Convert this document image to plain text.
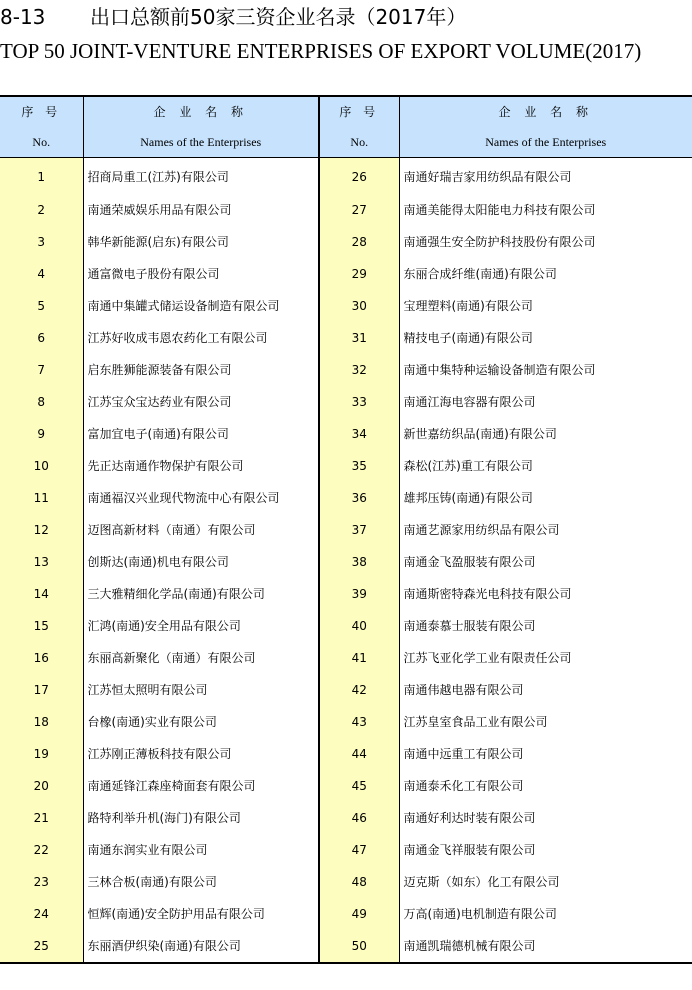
8-13 出口总额前50家三资企业名录（2017年）
TOP 50 JOINT-VENTURE ENTERPRISES OF EXPORT VOLUME(2017)
序 号	企 业 名 称	序 号	企 业 名 称
No.	Names of the Enterprises	No.	Names of the Enterprises
1	招商局重工(江苏)有限公司	26	南通好瑞吉家用纺织品有限公司
2	南通荣威娱乐用品有限公司	27	南通美能得太阳能电力科技有限公司
3	韩华新能源(启东)有限公司	28	南通强生安全防护科技股份有限公司
4	通富微电子股份有限公司	29	东丽合成纤维(南通)有限公司
5	南通中集罐式储运设备制造有限公司	30	宝理塑料(南通)有限公司
6	江苏好收成韦恩农药化工有限公司	31	精技电子(南通)有限公司
7	启东胜狮能源装备有限公司	32	南通中集特种运输设备制造有限公司
8	江苏宝众宝达药业有限公司	33	南通江海电容器有限公司
9	富加宜电子(南通)有限公司	34	新世嘉纺织品(南通)有限公司
10	先正达南通作物保护有限公司	35	森松(江苏)重工有限公司
11	南通福汉兴业现代物流中心有限公司	36	雄邦压铸(南通)有限公司
12	迈图高新材料（南通）有限公司	37	南通艺源家用纺织品有限公司
13	创斯达(南通)机电有限公司	38	南通金飞盈服装有限公司
14	三大雅精细化学品(南通)有限公司	39	南通斯密特森光电科技有限公司
15	汇鸿(南通)安全用品有限公司	40	南通泰慕士服装有限公司
16	东丽高新聚化（南通）有限公司	41	江苏飞亚化学工业有限责任公司
17	江苏恒太照明有限公司	42	南通伟越电器有限公司
18	台橡(南通)实业有限公司	43	江苏皇室食品工业有限公司
19	江苏刚正薄板科技有限公司	44	南通中远重工有限公司
20	南通延锋江森座椅面套有限公司	45	南通泰禾化工有限公司
21	路特利举升机(海门)有限公司	46	南通好利达时装有限公司
22	南通东润实业有限公司	47	南通金飞祥服装有限公司
23	三林合板(南通)有限公司	48	迈克斯（如东）化工有限公司
24	恒辉(南通)安全防护用品有限公司	49	万高(南通)电机制造有限公司
25	东丽酒伊织染(南通)有限公司	50	南通凯瑞德机械有限公司
